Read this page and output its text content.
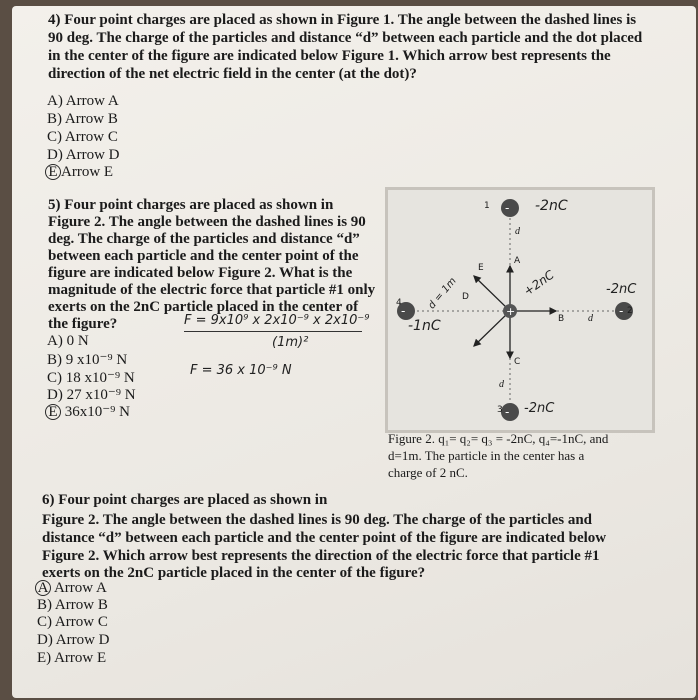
4) Four point charges are placed as shown in Figure 1. The angle between the dashed lines is
90 deg. The charge of the particles and distance “d” between each particle and the dot placed
in the center of the figure are indicated below Figure 1. Which arrow best represents the
direction of the net electric field in the center (at the dot)?
A) Arrow A
B) Arrow B
C) Arrow C
D) Arrow D
E Arrow E
5) Four point charges are placed as shown in
Figure 2. The angle between the dashed lines is 90
deg. The charge of the particles and distance “d”
between each particle and the center point of the
figure are indicated below Figure 2. What is the
magnitude of the electric force that particle #1 only
exerts on the 2nC particle placed in the center of
the figure?
A) 0 N
B) 9 x10⁻⁹ N
C) 18 x10⁻⁹ N
D) 27 x10⁻⁹ N
E 36x10⁻⁹ N
F = 9x10⁹ x 2x10⁻⁹ x 2x10⁻⁹
(1m)²
F = 36 x 10⁻⁹ N
-
-
-
-	+
1
2
3
4
A
B
C
D
E
d
d
d
-2nC
+2nC	-2nC
-2nC
-1nC
d = 1m
Figure 2. q₁= q₂= q₃ = -2nC, q₄=-1nC, and
d=1m. The particle in the center has a
charge of 2 nC.
6) Four point charges are placed as shown in
Figure 2. The angle between the dashed lines is 90 deg. The charge of the particles and
distance “d” between each particle and the center point of the figure are indicated below
Figure 2. Which arrow best represents the direction of the electric force that particle #1
exerts on the 2nC particle placed in the center of the figure?
A Arrow A
B) Arrow B
C) Arrow C
D) Arrow D
E) Arrow E
